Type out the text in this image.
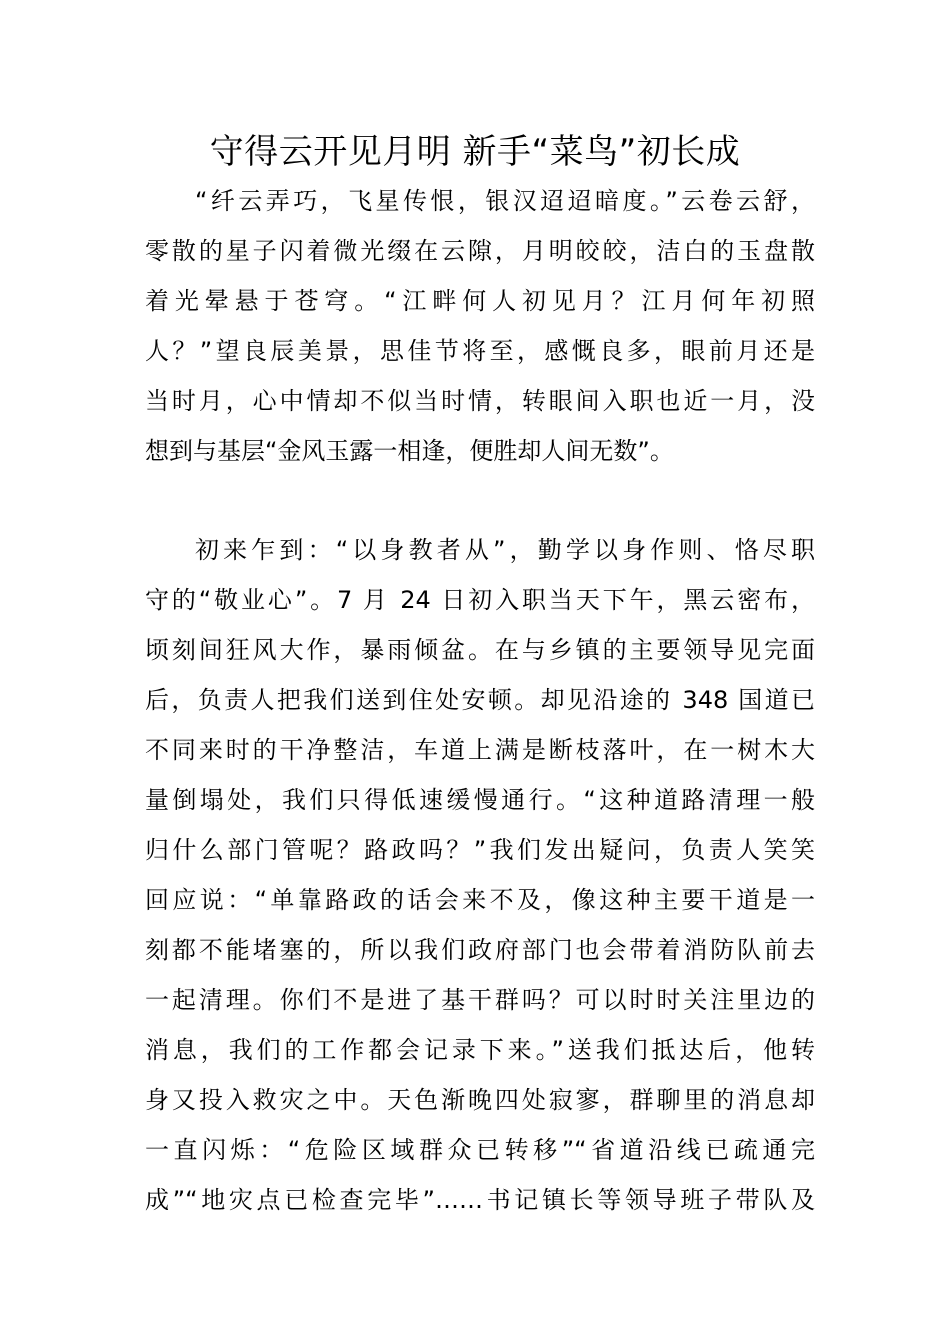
守得云开见月明 新手“菜鸟”初长成
“纤云弄巧，飞星传恨，银汉迢迢暗度。”云卷云舒，
零散的星子闪着微光缀在云隙，月明皎皎，洁白的玉盘散
着光晕悬于苍穹。“江畔何人初见月？江月何年初照
人？”望良辰美景，思佳节将至，感慨良多，眼前月还是
当时月，心中情却不似当时情，转眼间入职也近一月，没
想到与基层“金风玉露一相逢，便胜却人间无数”。
初来乍到：“以身教者从”，勤学以身作则、恪尽职
守的“敬业心”。7 月 24 日初入职当天下午，黑云密布，
顷刻间狂风大作，暴雨倾盆。在与乡镇的主要领导见完面
后，负责人把我们送到住处安顿。却见沿途的 348 国道已
不同来时的干净整洁，车道上满是断枝落叶，在一树木大
量倒塌处，我们只得低速缓慢通行。“这种道路清理一般
归什么部门管呢？路政吗？”我们发出疑问，负责人笑笑
回应说：“单靠路政的话会来不及，像这种主要干道是一
刻都不能堵塞的，所以我们政府部门也会带着消防队前去
一起清理。你们不是进了基干群吗？可以时时关注里边的
消息，我们的工作都会记录下来。”送我们抵达后，他转
身又投入救灾之中。天色渐晚四处寂寥，群聊里的消息却
一直闪烁：“危险区域群众已转移”“省道沿线已疏通完
成”“地灾点已检查完毕”……书记镇长等领导班子带队及
